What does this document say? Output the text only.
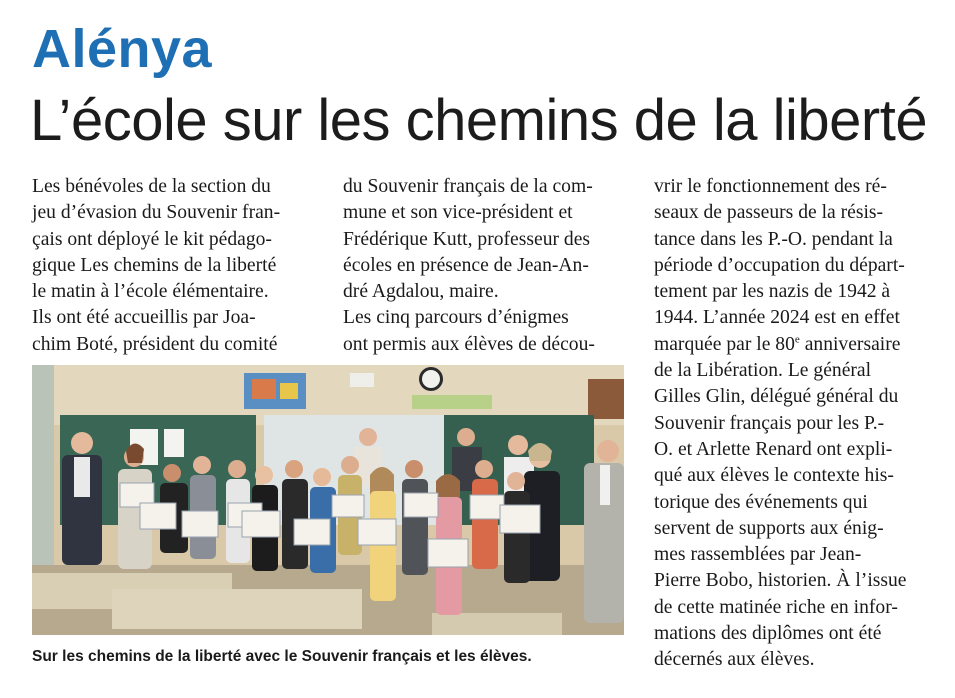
Alénya
L’école sur les chemins de la liberté
Les bénévoles de la section du
jeu d’évasion du Souvenir fran-
çais ont déployé le kit pédago-
gique Les chemins de la liberté
le matin à l’école élémentaire.
Ils ont été accueillis par Joa-
chim Boté, président du comité
du Souvenir français de la com-
mune et son vice-président et
Frédérique Kutt, professeur des
écoles en présence de Jean-An-
dré Agdalou, maire.
Les cinq parcours d’énigmes
ont permis aux élèves de décou-
vrir le fonctionnement des ré-
seaux de passeurs de la résis-
tance dans les P.-O. pendant la
période d’occupation du départ-
tement par les nazis de 1942 à
1944. L’année 2024 est en effet
marquée par le 80e anniversaire
de la Libération. Le général
Gilles Glin, délégué général du
Souvenir français pour les P.-
O. et Arlette Renard ont expli-
qué aux élèves le contexte his-
torique des événements qui
servent de supports aux énig-
mes rassemblées par Jean-
Pierre Bobo, historien. À l’issue
de cette matinée riche en infor-
mations des diplômes ont été
décernés aux élèves.
Sur les chemins de la liberté avec le Souvenir français et les élèves.
